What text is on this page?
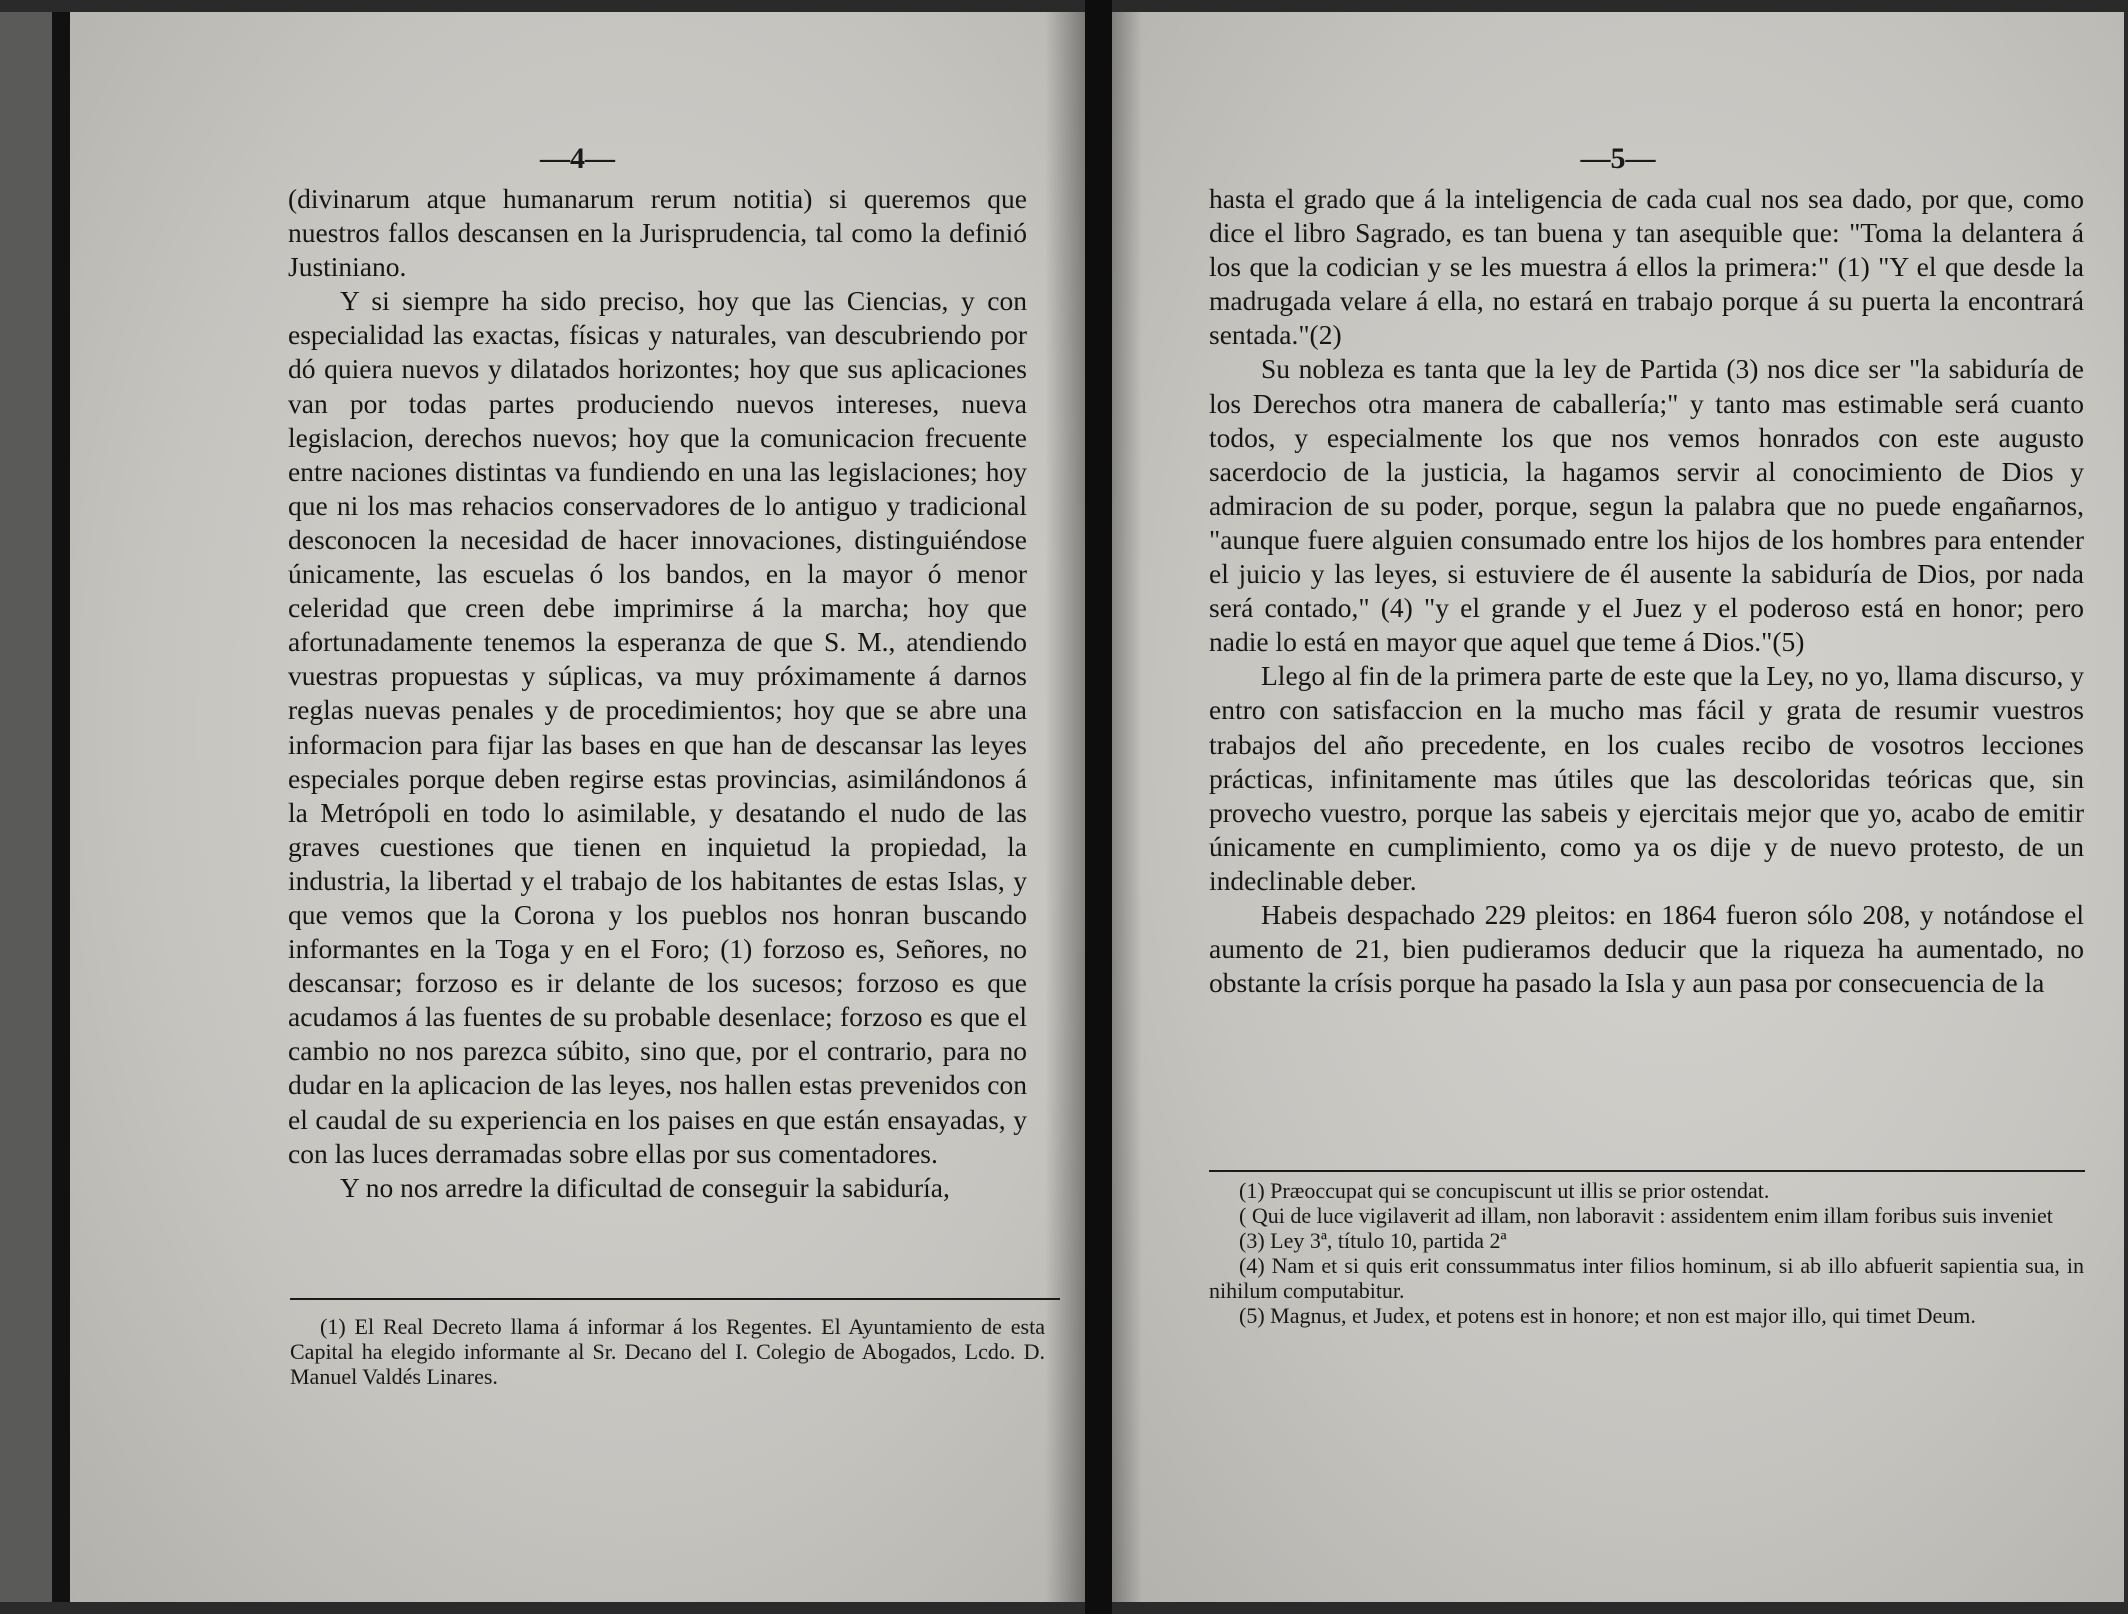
—4—

(divinarum atque humanarum rerum notitia) si queremos que nuestros fallos descansen en la Jurisprudencia, tal como la definió Justiniano.

Y si siempre ha sido preciso, hoy que las Ciencias, y con especialidad las exactas, físicas y naturales, van descubriendo por dó quiera nuevos y dilatados horizontes; hoy que sus aplicaciones van por todas partes produciendo nuevos intereses, nueva legislacion, derechos nuevos; hoy que la comunicacion frecuente entre naciones distintas va fundiendo en una las legislaciones; hoy que ni los mas rehacios conservadores de lo antiguo y tradicional desconocen la necesidad de hacer innovaciones, distinguiéndose únicamente, las escuelas ó los bandos, en la mayor ó menor celeridad que creen debe imprimirse á la marcha; hoy que afortunadamente tenemos la esperanza de que S. M., atendiendo vuestras propuestas y súplicas, va muy próximamente á darnos reglas nuevas penales y de procedimientos; hoy que se abre una informacion para fijar las bases en que han de descansar las leyes especiales porque deben regirse estas provincias, asimilándonos á la Metrópoli en todo lo asimilable, y desatando el nudo de las graves cuestiones que tienen en inquietud la propiedad, la industria, la libertad y el trabajo de los habitantes de estas Islas, y que vemos que la Corona y los pueblos nos honran buscando informantes en la Toga y en el Foro; (1) forzoso es, Señores, no descansar; forzoso es ir delante de los sucesos; forzoso es que acudamos á las fuentes de su probable desenlace; forzoso es que el cambio no nos parezca súbito, sino que, por el contrario, para no dudar en la aplicacion de las leyes, nos hallen estas prevenidos con el caudal de su experiencia en los paises en que están ensayadas, y con las luces derramadas sobre ellas por sus comentadores.

Y no nos arredre la dificultad de conseguir la sabiduría,

(1) El Real Decreto llama á informar á los Regentes. El Ayuntamiento de esta Capital ha elegido informante al Sr. Decano del I. Colegio de Abogados, Lcdo. D. Manuel Valdés Linares.

—5—

hasta el grado que á la inteligencia de cada cual nos sea dado, por que, como dice el libro Sagrado, es tan buena y tan asequible que: "Toma la delantera á los que la codician y se les muestra á ellos la primera:" (1) "Y el que desde la madrugada velare á ella, no estará en trabajo porque á su puerta la encontrará sentada."(2)

Su nobleza es tanta que la ley de Partida (3) nos dice ser "la sabiduría de los Derechos otra manera de caballería;" y tanto mas estimable será cuanto todos, y especialmente los que nos vemos honrados con este augusto sacerdocio de la justicia, la hagamos servir al conocimiento de Dios y admiracion de su poder, porque, segun la palabra que no puede engañarnos, "aunque fuere alguien consumado entre los hijos de los hombres para entender el juicio y las leyes, si estuviere de él ausente la sabiduría de Dios, por nada será contado," (4) "y el grande y el Juez y el poderoso está en honor; pero nadie lo está en mayor que aquel que teme á Dios."(5)

Llego al fin de la primera parte de este que la Ley, no yo, llama discurso, y entro con satisfaccion en la mucho mas fácil y grata de resumir vuestros trabajos del año precedente, en los cuales recibo de vosotros lecciones prácticas, infinitamente mas útiles que las descoloridas teóricas que, sin provecho vuestro, porque las sabeis y ejercitais mejor que yo, acabo de emitir únicamente en cumplimiento, como ya os dije y de nuevo protesto, de un indeclinable deber.

Habeis despachado 229 pleitos: en 1864 fueron sólo 208, y notándose el aumento de 21, bien pudieramos deducir que la riqueza ha aumentado, no obstante la crísis porque ha pasado la Isla y aun pasa por consecuencia de la

(1) Præoccupat qui se concupiscunt ut illis se prior ostendat.

( Qui de luce vigilaverit ad illam, non laboravit : assidentem enim illam foribus suis inveniet

(3) Ley 3ª, título 10, partida 2ª

(4) Nam et si quis erit conssummatus inter filios hominum, si ab illo abfuerit sapientia sua, in nihilum computabitur.

(5) Magnus, et Judex, et potens est in honore; et non est major illo, qui timet Deum.
